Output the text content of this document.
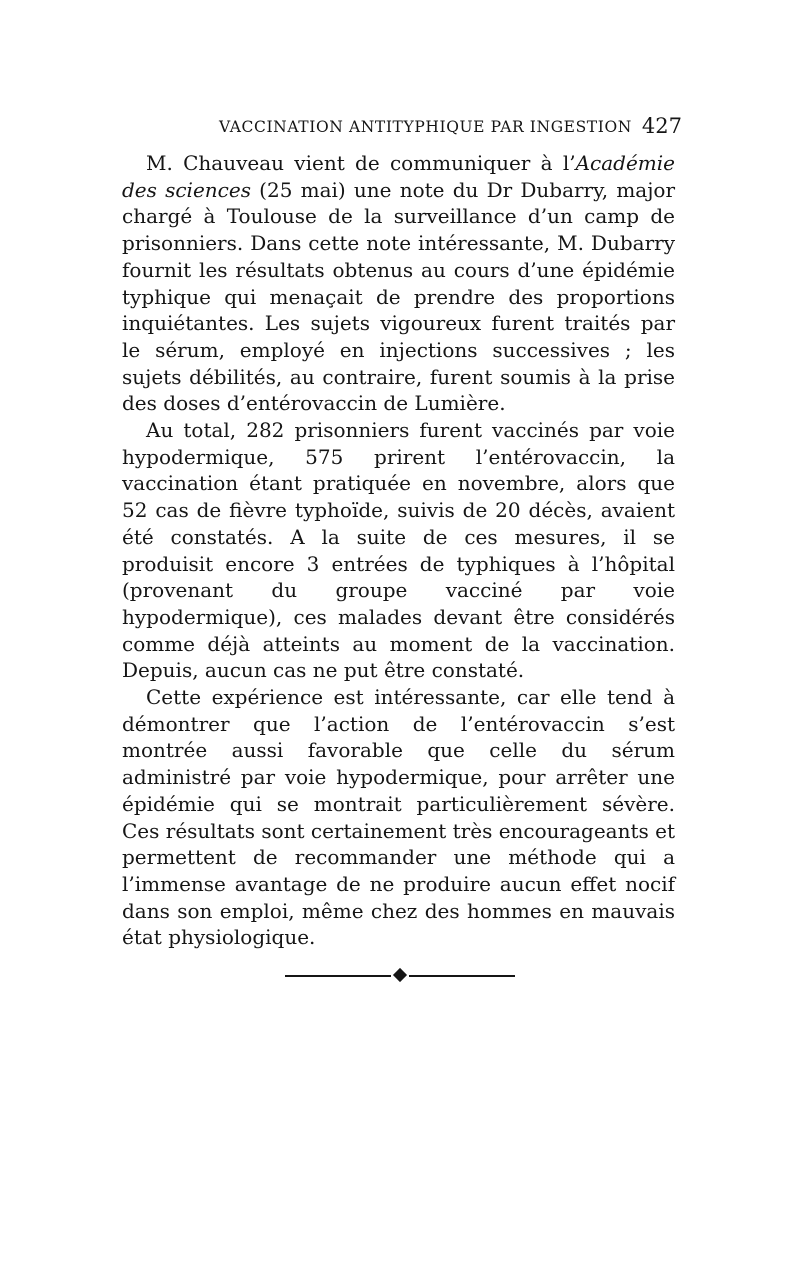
VACCINATION ANTITYPHIQUE PAR INGESTION 427

M. Chauveau vient de communiquer à l’Académie des sciences (25 mai) une note du Dr Dubarry, major chargé à Toulouse de la surveillance d’un camp de prisonniers. Dans cette note intéressante, M. Dubarry fournit les résultats obtenus au cours d’une épidémie typhique qui menaçait de prendre des proportions inquiétantes. Les sujets vigoureux furent traités par le sérum, employé en injections successives ; les sujets débilités, au contraire, furent soumis à la prise des doses d’entérovaccin de Lumière.

Au total, 282 prisonniers furent vaccinés par voie hypodermique, 575 prirent l’entérovaccin, la vaccination étant pratiquée en novembre, alors que 52 cas de fièvre typhoïde, suivis de 20 décès, avaient été constatés. A la suite de ces mesures, il se produisit encore 3 entrées de typhiques à l’hôpital (provenant du groupe vacciné par voie hypodermique), ces malades devant être considérés comme déjà atteints au moment de la vaccination. Depuis, aucun cas ne put être constaté.

Cette expérience est intéressante, car elle tend à démontrer que l’action de l’entérovaccin s’est montrée aussi favorable que celle du sérum administré par voie hypodermique, pour arrêter une épidémie qui se montrait particulièrement sévère. Ces résultats sont certainement très encourageants et permettent de recommander une méthode qui a l’immense avantage de ne produire aucun effet nocif dans son emploi, même chez des hommes en mauvais état physiologique.
